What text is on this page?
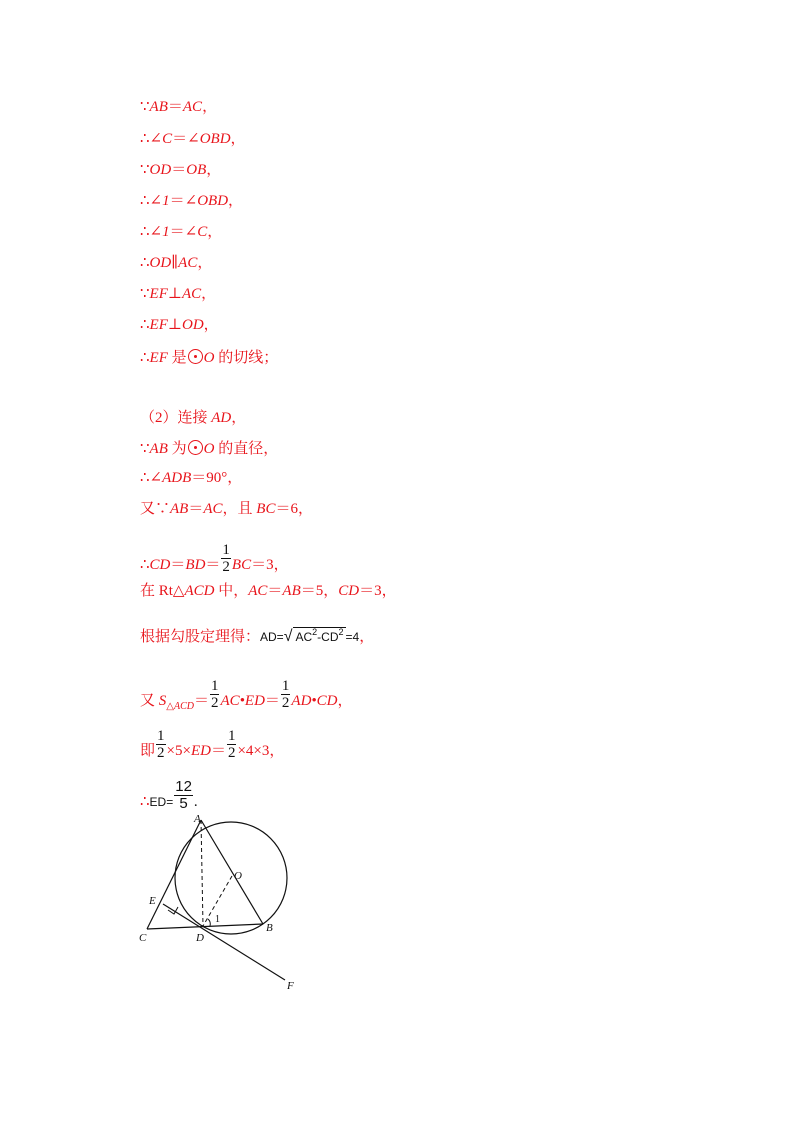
∵AB＝AC，
∴∠C＝∠OBD，
∵OD＝OB，
∴∠1＝∠OBD，
∴∠1＝∠C，
∴OD∥AC，
∵EF⊥AC，
∴EF⊥OD，
∴EF 是 O 的切线；
（2）连接 AD，
∵AB 为 O 的直径，
∴∠ADB＝90°，
又∵AB＝AC，且 BC＝6，
∴CD＝BD＝ $\frac{1}{2} BC=3$，
在 Rt△ACD 中，AC＝AB＝5，CD＝3，
根据勾股定理得：AD=√ $AC^2-CD^2 =4$，
又 $S_{\triangle ACD}= \frac{1}{2}$ AC•ED＝ $\frac{1}{2}$ AD•CD，
即 $\frac{1}{2} \times 5\times ED= \frac{1}{2} \times 4\times 3$，
∴ED= $\frac{12}{5}$ .
A
O
E
C	D
B
F
1
